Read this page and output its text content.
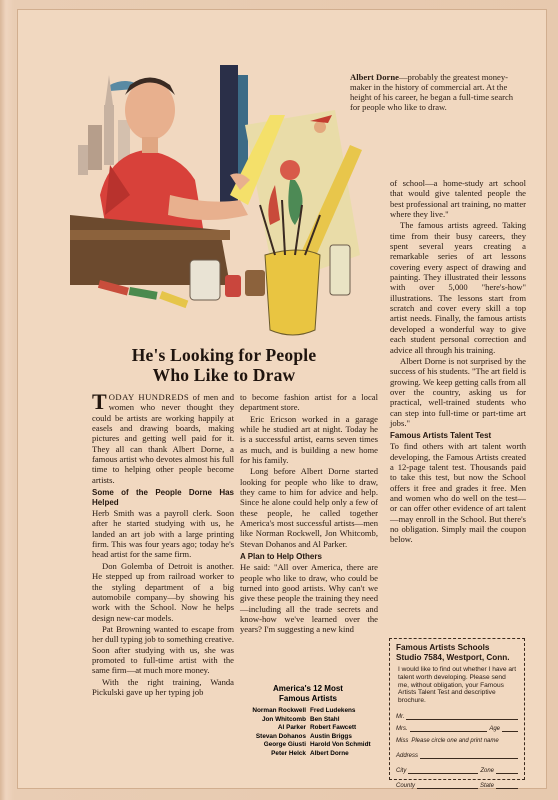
Albert Dorne—probably the greatest money-maker in the history of commercial art. At the height of his career, he began a full-time search for people who like to draw.
He's Looking for People
Who Like to Draw

TODAY HUNDREDS of men and women who never thought they could be artists are working happily at easels and drawing boards, making pictures and getting well paid for it. They all can thank Albert Dorne, a famous artist who devotes almost his full time to helping other people become artists.

Some of the People Dorne Has Helped

Herb Smith was a payroll clerk. Soon after he started studying with us, he landed an art job with a large printing firm. This was four years ago; today he's head artist for the same firm.

Don Golemba of Detroit is another. He stepped up from railroad worker to the styling department of a big automobile company—by showing his work with the School. Now he helps design new-car models.

Pat Browning wanted to escape from her dull typing job to something creative. Soon after studying with us, she was promoted to full-time artist with the same firm—at much more money.

With the right training, Wanda Pickulski gave up her typing job

to become fashion artist for a local department store.

Eric Ericson worked in a garage while he studied art at night. Today he is a successful artist, earns seven times as much, and is building a new home for his family.

Long before Albert Dorne started looking for people who like to draw, they came to him for advice and help. Since he alone could help only a few of these people, he called together America's most successful artists—men like Norman Rockwell, Jon Whitcomb, Stevan Dohanos and Al Parker.

A Plan to Help Others

He said: "All over America, there are people who like to draw, who could be turned into good artists. Why can't we give these people the training they need—including all the trade secrets and know-how we've learned over the years? I'm suggesting a new kind

America's 12 Most
Famous Artists
Norman Rockwell Fred Ludekens
Jon Whitcomb Ben Stahl
Al Parker Robert Fawcett
Stevan Dohanos Austin Briggs
George Giusti Harold Von Schmidt
Peter Helck Albert Dorne

of school—a home-study art school that would give talented people the best professional art training, no matter where they live."

The famous artists agreed. Taking time from their busy careers, they spent several years creating a remarkable series of art lessons covering every aspect of drawing and painting. They illustrated their lessons with over 5,000 "here's-how" illustrations. The lessons start from scratch and cover every skill a top artist needs. Finally, the famous artists developed a wonderful way to give each student personal correction and advice all through his training.

Albert Dorne is not surprised by the success of his students. "The art field is growing. We keep getting calls from all over the country, asking us for practical, well-trained students who can step into full-time or part-time art jobs."

Famous Artists Talent Test

To find others with art talent worth developing, the Famous Artists created a 12-page talent test. Thousands paid to take this test, but now the School offers it free and grades it free. Men and women who do well on the test—or can offer other evidence of art talent—may enroll in the School. But there's no obligation. Simply mail the coupon below.

Famous Artists Schools
Studio 7584, Westport, Conn.
I would like to find out whether I have art talent worth developing. Please send me, without obligation, your Famous Artists Talent Test and descriptive brochure.
Mr.
Mrs.	Age
Miss Please circle one and print name
Address
City	Zone
County	State
